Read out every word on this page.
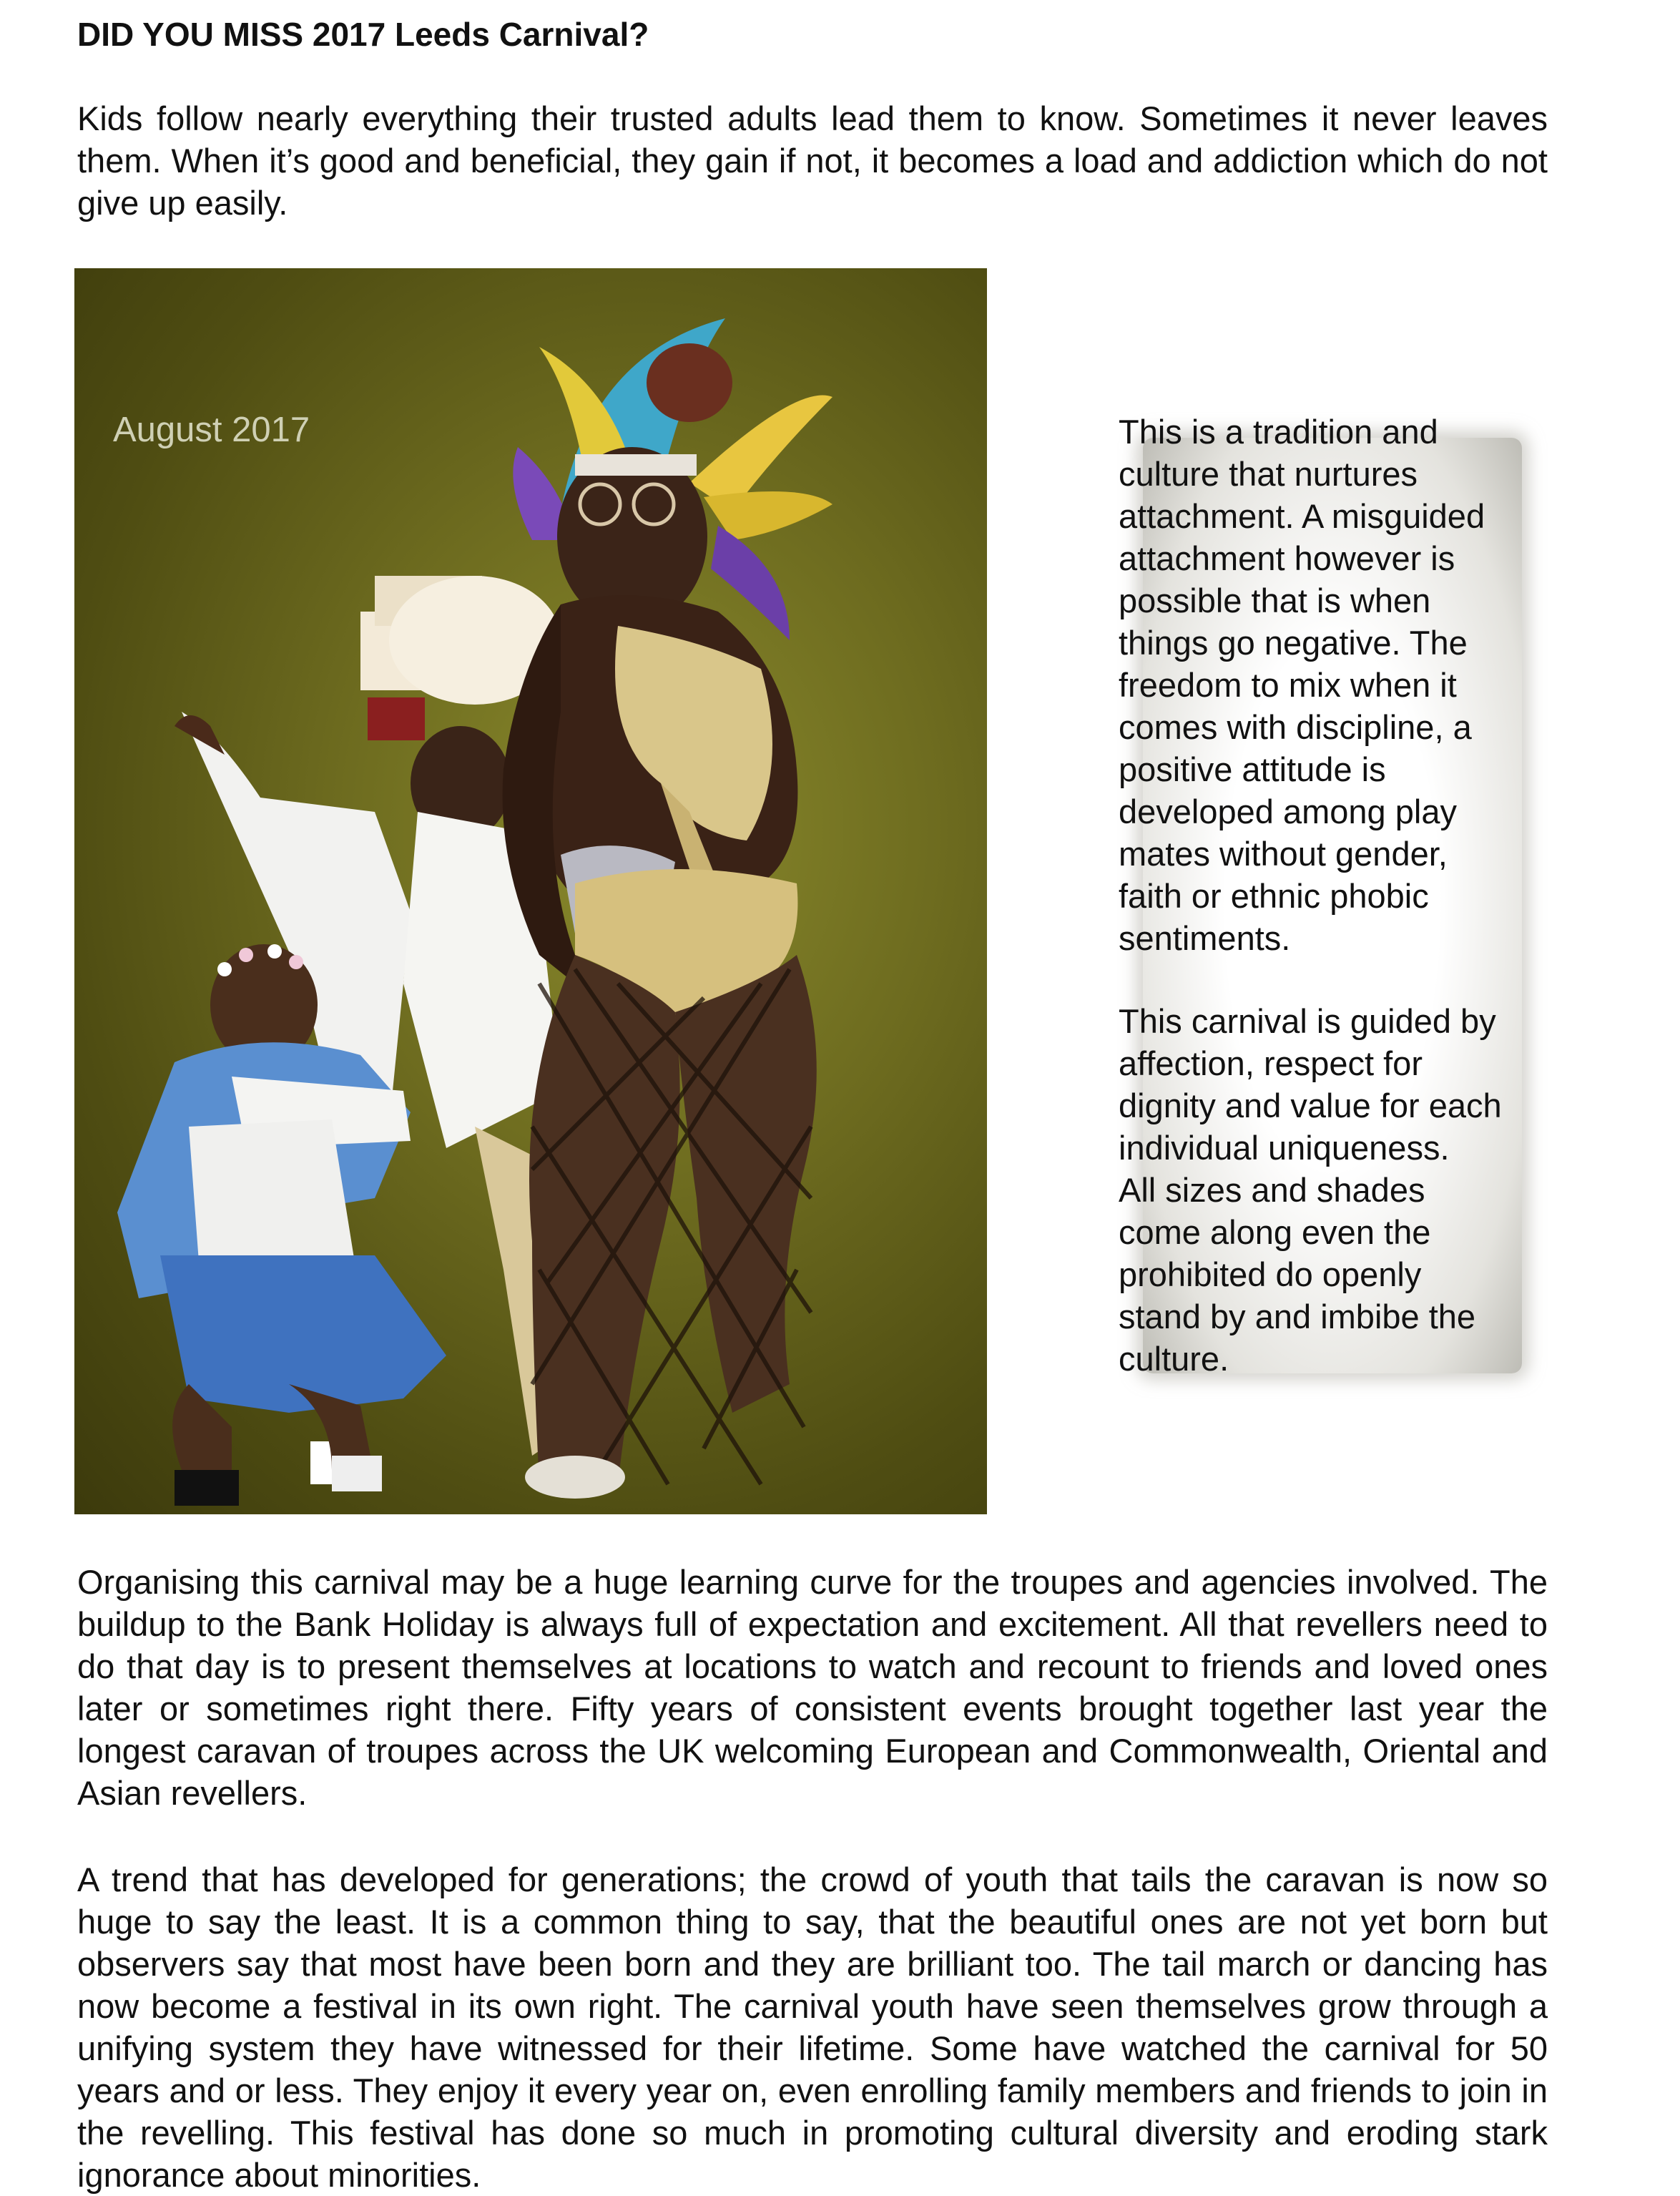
DID YOU MISS 2017 Leeds Carnival?

Kids follow nearly everything their trusted adults lead them to know. Sometimes it never leaves them. When it’s good and beneficial, they gain if not, it becomes a load and addiction which do not give up easily.

August 2017	This is a tradition and
culture that nurtures
attachment. A misguided
attachment however is
possible that is when
things go negative. The
freedom to mix when it
comes with discipline, a
positive attitude is
developed among play
mates without gender,
faith or ethnic phobic
sentiments.

This carnival is guided by
affection, respect for
dignity and value for each
individual uniqueness.
All sizes and shades
come along even the
prohibited do openly
stand by and imbibe the
culture.

Organising this carnival may be a huge learning curve for the troupes and agencies involved. The buildup to the Bank Holiday is always full of expectation and excitement. All that revellers need to do that day is to present themselves at locations to watch and recount to friends and loved ones later or sometimes right there. Fifty years of consistent events brought together last year the longest caravan of troupes across the UK welcoming European and Commonwealth, Oriental and Asian revellers.

A trend that has developed for generations; the crowd of youth that tails the caravan is now so huge to say the least. It is a common thing to say, that the beautiful ones are not yet born but observers say that most have been born and they are brilliant too. The tail march or dancing has now become a festival in its own right. The carnival youth have seen themselves grow through a unifying system they have witnessed for their lifetime. Some have watched the carnival for 50 years and or less. They enjoy it every year on, even enrolling family members and friends to join in the revelling. This festival has done so much in promoting cultural diversity and eroding stark ignorance about minorities.
